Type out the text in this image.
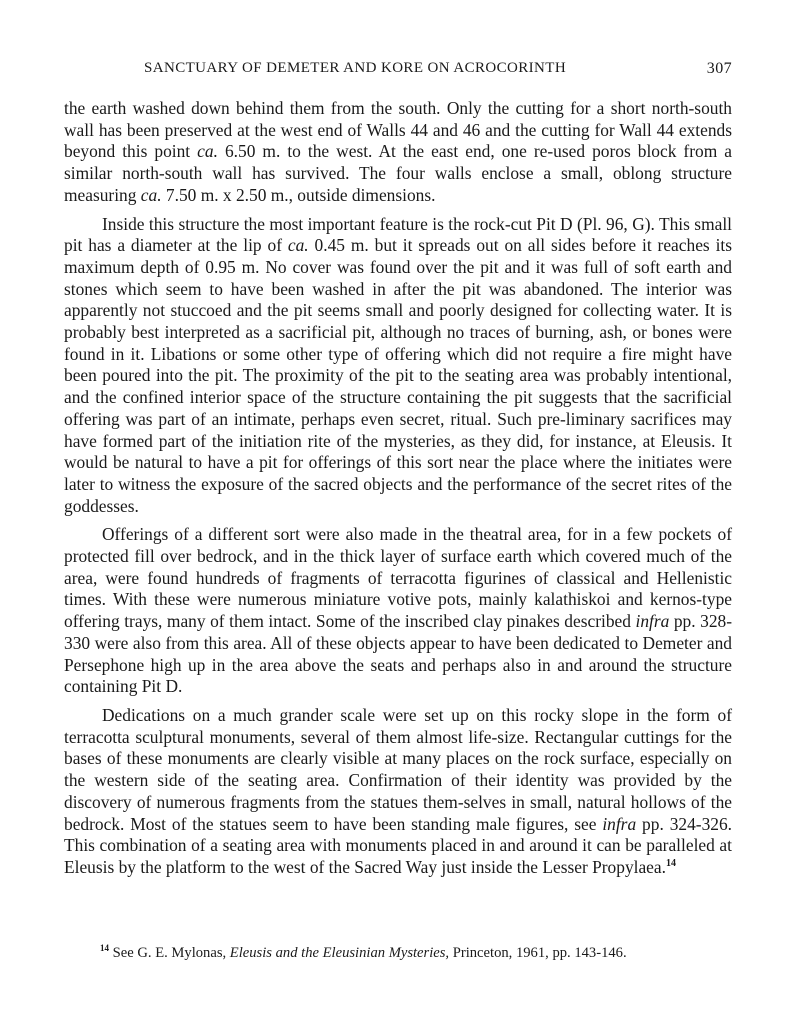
SANCTUARY OF DEMETER AND KORE ON ACROCORINTH	307

the earth washed down behind them from the south. Only the cutting for a short north-south wall has been preserved at the west end of Walls 44 and 46 and the cutting for Wall 44 extends beyond this point ca. 6.50 m. to the west. At the east end, one re-used poros block from a similar north-south wall has survived. The four walls enclose a small, oblong structure measuring ca. 7.50 m. x 2.50 m., outside dimensions.

Inside this structure the most important feature is the rock-cut Pit D (Pl. 96, G). This small pit has a diameter at the lip of ca. 0.45 m. but it spreads out on all sides before it reaches its maximum depth of 0.95 m. No cover was found over the pit and it was full of soft earth and stones which seem to have been washed in after the pit was abandoned. The interior was apparently not stuccoed and the pit seems small and poorly designed for collecting water. It is probably best interpreted as a sacrificial pit, although no traces of burning, ash, or bones were found in it. Libations or some other type of offering which did not require a fire might have been poured into the pit. The proximity of the pit to the seating area was probably intentional, and the confined interior space of the structure containing the pit suggests that the sacrificial offering was part of an intimate, perhaps even secret, ritual. Such pre-liminary sacrifices may have formed part of the initiation rite of the mysteries, as they did, for instance, at Eleusis. It would be natural to have a pit for offerings of this sort near the place where the initiates were later to witness the exposure of the sacred objects and the performance of the secret rites of the goddesses.

Offerings of a different sort were also made in the theatral area, for in a few pockets of protected fill over bedrock, and in the thick layer of surface earth which covered much of the area, were found hundreds of fragments of terracotta figurines of classical and Hellenistic times. With these were numerous miniature votive pots, mainly kalathiskoi and kernos-type offering trays, many of them intact. Some of the inscribed clay pinakes described infra pp. 328-330 were also from this area. All of these objects appear to have been dedicated to Demeter and Persephone high up in the area above the seats and perhaps also in and around the structure containing Pit D.

Dedications on a much grander scale were set up on this rocky slope in the form of terracotta sculptural monuments, several of them almost life-size. Rectangular cuttings for the bases of these monuments are clearly visible at many places on the rock surface, especially on the western side of the seating area. Confirmation of their identity was provided by the discovery of numerous fragments from the statues them-selves in small, natural hollows of the bedrock. Most of the statues seem to have been standing male figures, see infra pp. 324-326. This combination of a seating area with monuments placed in and around it can be paralleled at Eleusis by the platform to the west of the Sacred Way just inside the Lesser Propylaea.$^{14}$

$^{14}$ See G. E. Mylonas, Eleusis and the Eleusinian Mysteries, Princeton, 1961, pp. 143-146.
